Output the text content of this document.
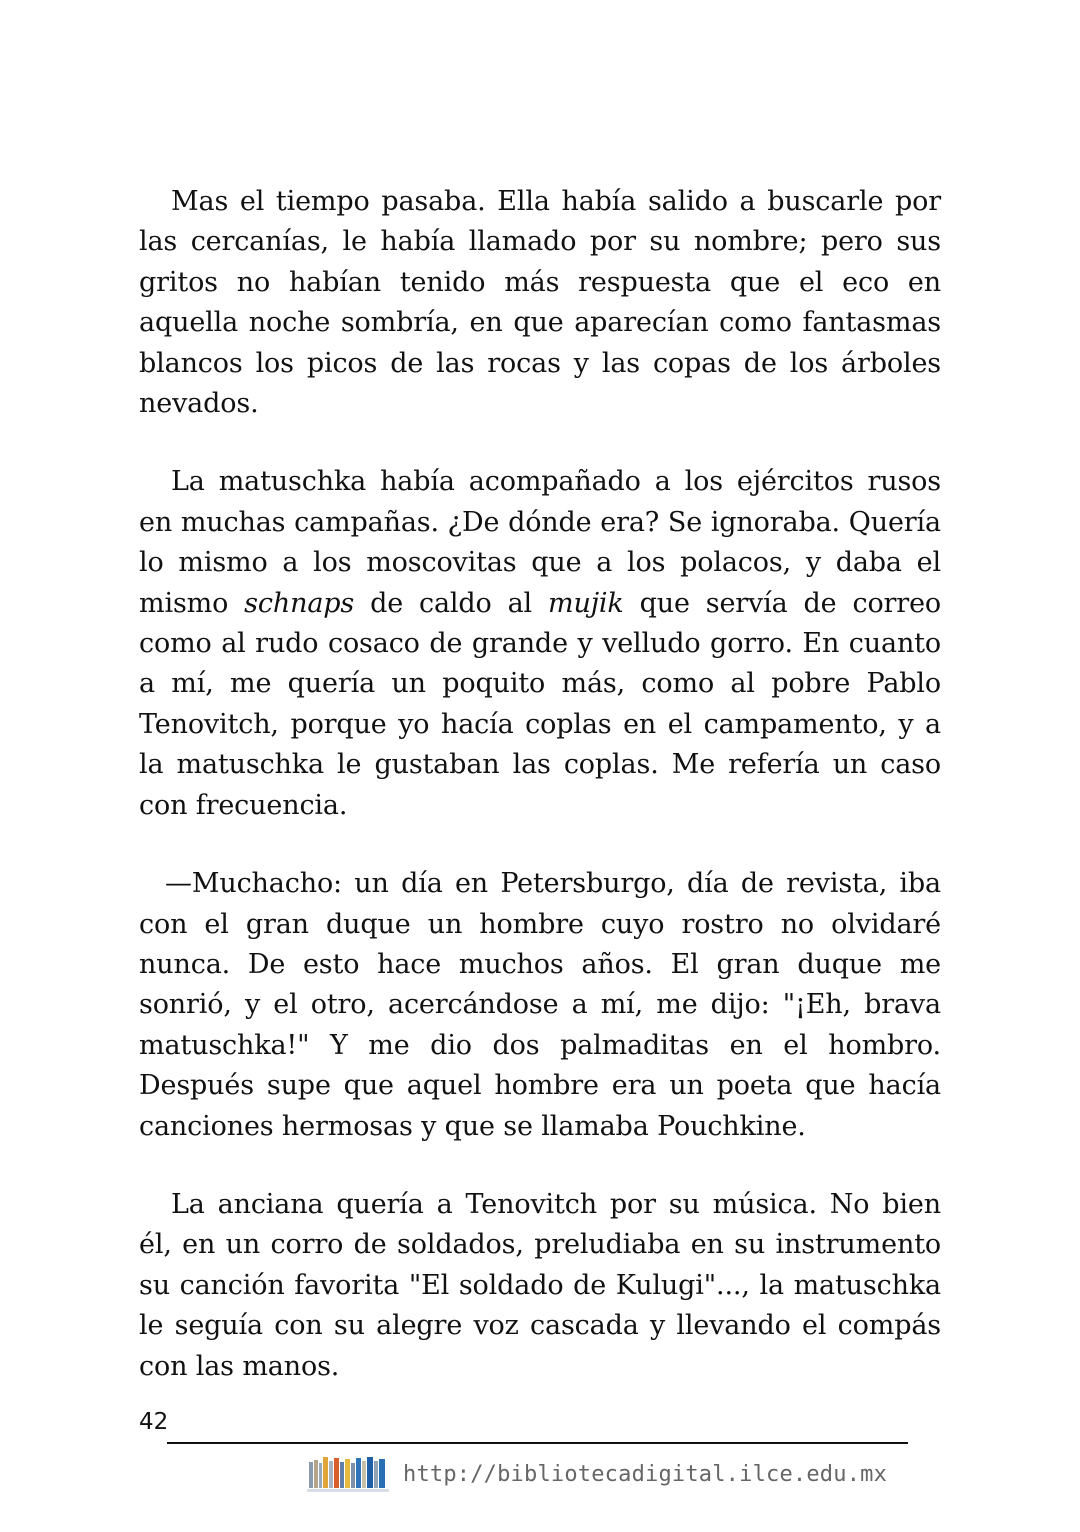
Mas el tiempo pasaba. Ella había salido a buscarle por las cercanías, le había llamado por su nombre; pero sus gritos no habían tenido más respuesta que el eco en aquella noche sombría, en que aparecían como fantasmas blancos los picos de las rocas y las copas de los árboles nevados.

La matuschka había acompañado a los ejércitos rusos en muchas campañas. ¿De dónde era? Se ignoraba. Quería lo mismo a los moscovitas que a los polacos, y daba el mismo schnaps de caldo al mujik que servía de correo como al rudo cosaco de grande y velludo gorro. En cuanto a mí, me quería un poquito más, como al pobre Pablo Tenovitch, porque yo hacía coplas en el campamento, y a la matuschka le gustaban las coplas. Me refería un caso con frecuencia.

—Muchacho: un día en Petersburgo, día de revista, iba con el gran duque un hombre cuyo rostro no olvidaré nunca. De esto hace muchos años. El gran duque me sonrió, y el otro, acercándose a mí, me dijo: "¡Eh, brava matuschka!" Y me dio dos palmaditas en el hombro. Después supe que aquel hombre era un poeta que hacía canciones hermosas y que se llamaba Pouchkine.

La anciana quería a Tenovitch por su música. No bien él, en un corro de soldados, preludiaba en su instrumento su canción favorita "El soldado de Kulugi"..., la matuschka le seguía con su alegre voz cascada y llevando el compás con las manos.

42
http://bibliotecadigital.ilce.edu.mx
